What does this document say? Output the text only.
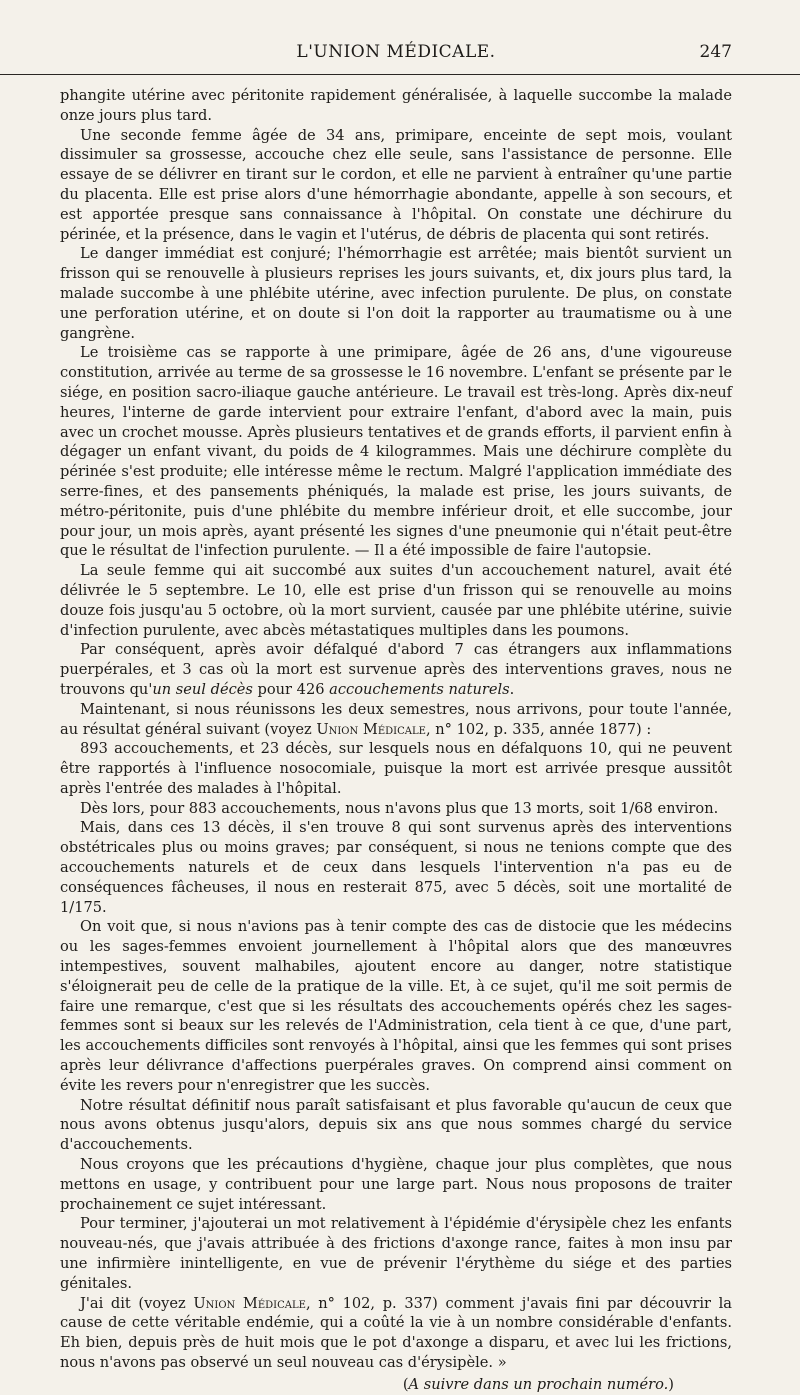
L'UNION MÉDICALE.	247

phangite utérine avec péritonite rapidement généralisée, à laquelle succombe la malade onze jours plus tard.

Une seconde femme âgée de 34 ans, primipare, enceinte de sept mois, voulant dissimuler sa grossesse, accouche chez elle seule, sans l'assistance de personne. Elle essaye de se délivrer en tirant sur le cordon, et elle ne parvient à entraîner qu'une partie du placenta. Elle est prise alors d'une hémorrhagie abondante, appelle à son secours, et est apportée presque sans connaissance à l'hôpital. On constate une déchirure du périnée, et la présence, dans le vagin et l'utérus, de débris de placenta qui sont retirés.

Le danger immédiat est conjuré; l'hémorrhagie est arrêtée; mais bientôt survient un frisson qui se renouvelle à plusieurs reprises les jours suivants, et, dix jours plus tard, la malade succombe à une phlébite utérine, avec infection purulente. De plus, on constate une perforation utérine, et on doute si l'on doit la rapporter au traumatisme ou à une gangrène.

Le troisième cas se rapporte à une primipare, âgée de 26 ans, d'une vigoureuse constitution, arrivée au terme de sa grossesse le 16 novembre. L'enfant se présente par le siége, en position sacro-iliaque gauche antérieure. Le travail est très-long. Après dix-neuf heures, l'interne de garde intervient pour extraire l'enfant, d'abord avec la main, puis avec un crochet mousse. Après plusieurs tentatives et de grands efforts, il parvient enfin à dégager un enfant vivant, du poids de 4 kilogrammes. Mais une déchirure complète du périnée s'est produite; elle intéresse même le rectum. Malgré l'application immédiate des serre-fines, et des pansements phéniqués, la malade est prise, les jours suivants, de métro-péritonite, puis d'une phlébite du membre inférieur droit, et elle succombe, jour pour jour, un mois après, ayant présenté les signes d'une pneumonie qui n'était peut-être que le résultat de l'infection purulente. — Il a été impossible de faire l'autopsie.

La seule femme qui ait succombé aux suites d'un accouchement naturel, avait été délivrée le 5 septembre. Le 10, elle est prise d'un frisson qui se renouvelle au moins douze fois jusqu'au 5 octobre, où la mort survient, causée par une phlébite utérine, suivie d'infection purulente, avec abcès métastatiques multiples dans les poumons.

Par conséquent, après avoir défalqué d'abord 7 cas étrangers aux inflammations puerpérales, et 3 cas où la mort est survenue après des interventions graves, nous ne trouvons qu'un seul décès pour 426 accouchements naturels.

Maintenant, si nous réunissons les deux semestres, nous arrivons, pour toute l'année, au résultat général suivant (voyez Union Médicale, n° 102, p. 335, année 1877) :

893 accouchements, et 23 décès, sur lesquels nous en défalquons 10, qui ne peuvent être rapportés à l'influence nosocomiale, puisque la mort est arrivée presque aussitôt après l'entrée des malades à l'hôpital.

Dès lors, pour 883 accouchements, nous n'avons plus que 13 morts, soit 1/68 environ.

Mais, dans ces 13 décès, il s'en trouve 8 qui sont survenus après des interventions obstétricales plus ou moins graves; par conséquent, si nous ne tenions compte que des accouchements naturels et de ceux dans lesquels l'intervention n'a pas eu de conséquences fâcheuses, il nous en resterait 875, avec 5 décès, soit une mortalité de 1/175.

On voit que, si nous n'avions pas à tenir compte des cas de distocie que les médecins ou les sages-femmes envoient journellement à l'hôpital alors que des manœuvres intempestives, souvent malhabiles, ajoutent encore au danger, notre statistique s'éloignerait peu de celle de la pratique de la ville. Et, à ce sujet, qu'il me soit permis de faire une remarque, c'est que si les résultats des accouchements opérés chez les sages-femmes sont si beaux sur les relevés de l'Administration, cela tient à ce que, d'une part, les accouchements difficiles sont renvoyés à l'hôpital, ainsi que les femmes qui sont prises après leur délivrance d'affections puerpérales graves. On comprend ainsi comment on évite les revers pour n'enregistrer que les succès.

Notre résultat définitif nous paraît satisfaisant et plus favorable qu'aucun de ceux que nous avons obtenus jusqu'alors, depuis six ans que nous sommes chargé du service d'accouchements.

Nous croyons que les précautions d'hygiène, chaque jour plus complètes, que nous mettons en usage, y contribuent pour une large part. Nous nous proposons de traiter prochainement ce sujet intéressant.

Pour terminer, j'ajouterai un mot relativement à l'épidémie d'érysipèle chez les enfants nouveau-nés, que j'avais attribuée à des frictions d'axonge rance, faites à mon insu par une infirmière inintelligente, en vue de prévenir l'érythème du siége et des parties génitales.

J'ai dit (voyez Union Médicale, n° 102, p. 337) comment j'avais fini par découvrir la cause de cette véritable endémie, qui a coûté la vie à un nombre considérable d'enfants. Eh bien, depuis près de huit mois que le pot d'axonge a disparu, et avec lui les frictions, nous n'avons pas observé un seul nouveau cas d'érysipèle. »

(A suivre dans un prochain numéro.)
